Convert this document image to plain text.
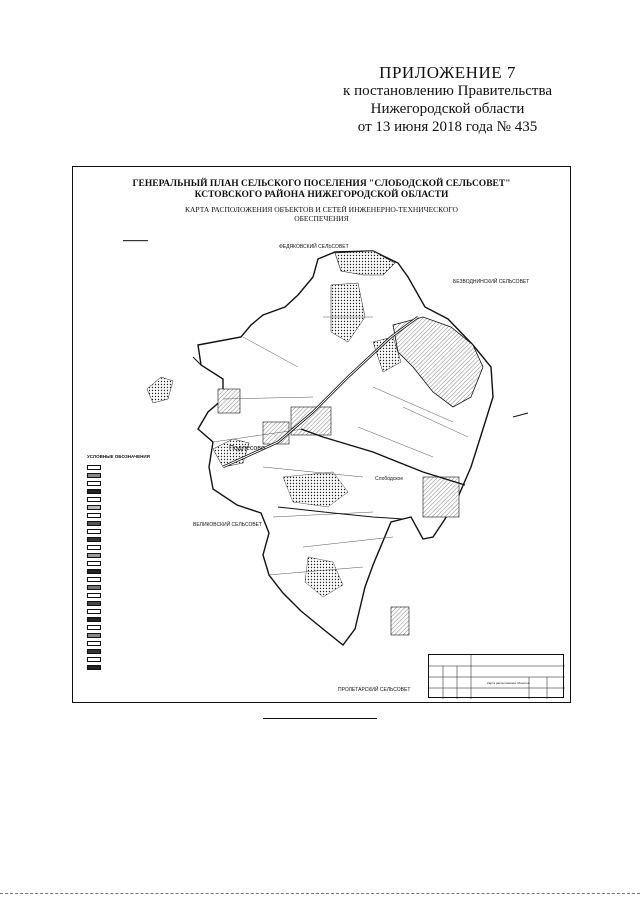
ПРИЛОЖЕНИЕ 7
к постановлению Правительства
Нижегородской области
от 13 июня 2018 года № 435
ГЕНЕРАЛЬНЫЙ ПЛАН СЕЛЬСКОГО ПОСЕЛЕНИЯ "СЛОБОДСКОЙ СЕЛЬСОВЕТ"
КСТОВСКОГО РАЙОНА НИЖЕГОРОДСКОЙ ОБЛАСТИ
КАРТА РАСПОЛОЖЕНИЯ ОБЪЕКТОВ И СЕТЕЙ ИНЖЕНЕРНО-ТЕХНИЧЕСКОГО
ОБЕСПЕЧЕНИЯ
ФЕДЯКОВСКИЙ СЕЛЬСОВЕТ
БЕЗВОДНИНСКИЙ СЕЛЬСОВЕТ
ВЕЛИКОВСКИЙ СЕЛЬСОВЕТ
ПРОЛЕТАРСКИЙ СЕЛЬСОВЕТ
Подлесово
Слободское
УСЛОВНЫЕ ОБОЗНАЧЕНИЯ

Карта расположения объектов
